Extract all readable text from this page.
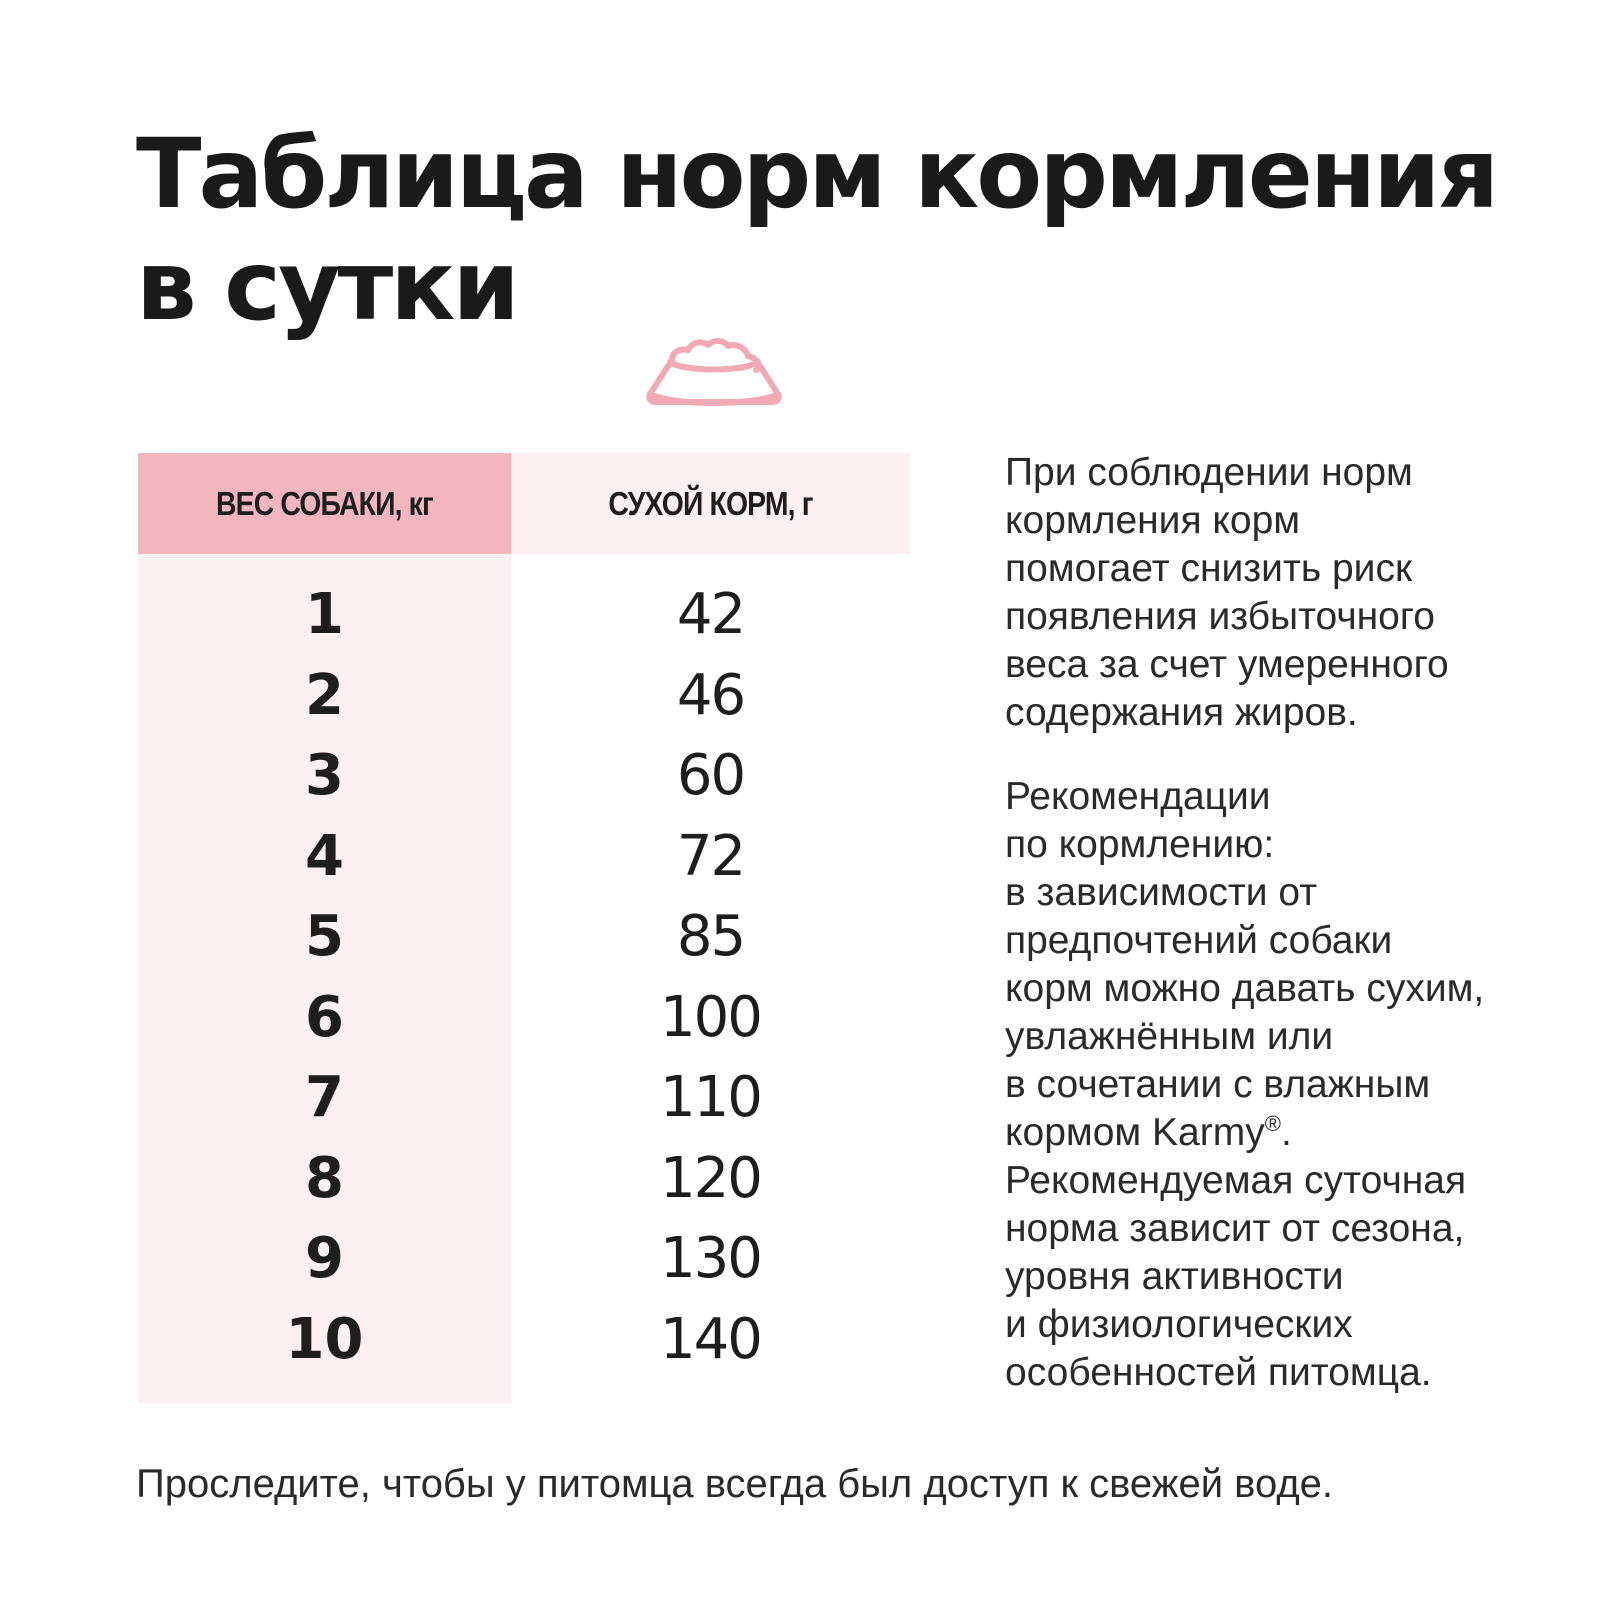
Таблица норм кормления
в сутки
ВЕС СОБАКИ, кг	СУХОЙ КОРМ, г
1	42
2	46
3	60
4	72
5	85
6	100
7	110
8	120
9	130
10	140
При соблюдении норм
кормления корм
помогает снизить риск
появления избыточного
веса за счет умеренного
содержания жиров.
Рекомендации
по кормлению:
в зависимости от
предпочтений собаки
корм можно давать сухим,
увлажнённым или
в сочетании с влажным
кормом Karmy®.
Рекомендуемая суточная
норма зависит от сезона,
уровня активности
и физиологических
особенностей питомца.
Проследите, чтобы у питомца всегда был доступ к свежей воде.
